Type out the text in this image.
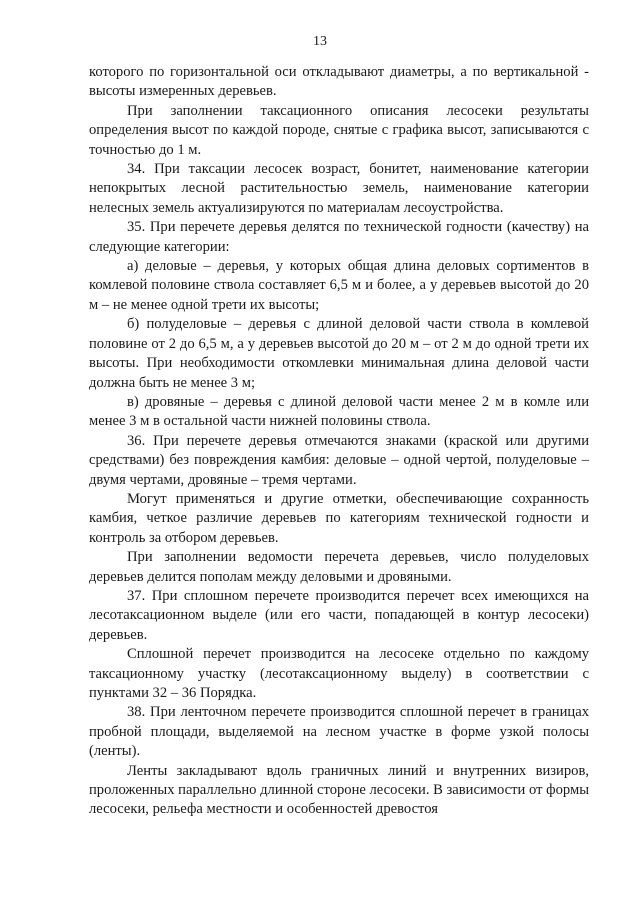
13

которого по горизонтальной оси откладывают диаметры, а по вертикальной - высоты измеренных деревьев.

При заполнении таксационного описания лесосеки результаты определения высот по каждой породе, снятые с графика высот, записываются с точностью до 1 м.

34. При таксации лесосек возраст, бонитет, наименование категории непокрытых лесной растительностью земель, наименование категории нелесных земель актуализируются по материалам лесоустройства.

35. При перечете деревья делятся по технической годности (качеству) на следующие категории:

а) деловые – деревья, у которых общая длина деловых сортиментов в комлевой половине ствола составляет 6,5 м и более, а у деревьев высотой до 20 м – не менее одной трети их высоты;

б) полуделовые – деревья с длиной деловой части ствола в комлевой половине от 2 до 6,5 м, а у деревьев высотой до 20 м – от 2 м до одной трети их высоты. При необходимости откомлевки минимальная длина деловой части должна быть не менее 3 м;

в) дровяные – деревья с длиной деловой части менее 2 м в комле или менее 3 м в остальной части нижней половины ствола.

36. При перечете деревья отмечаются знаками (краской или другими средствами) без повреждения камбия: деловые – одной чертой, полуделовые – двумя чертами, дровяные – тремя чертами.

Могут применяться и другие отметки, обеспечивающие сохранность камбия, четкое различие деревьев по категориям технической годности и контроль за отбором деревьев.

При заполнении ведомости перечета деревьев, число полуделовых деревьев делится пополам между деловыми и дровяными.

37. При сплошном перечете производится перечет всех имеющихся на лесотаксационном выделе (или его части, попадающей в контур лесосеки) деревьев.

Сплошной перечет производится на лесосеке отдельно по каждому таксационному участку (лесотаксационному выделу) в соответствии с пунктами 32 – 36 Порядка.

38. При ленточном перечете производится сплошной перечет в границах пробной площади, выделяемой на лесном участке в форме узкой полосы (ленты).

Ленты закладывают вдоль граничных линий и внутренних визиров, проложенных параллельно длинной стороне лесосеки. В зависимости от формы лесосеки, рельефа местности и особенностей древостоя
